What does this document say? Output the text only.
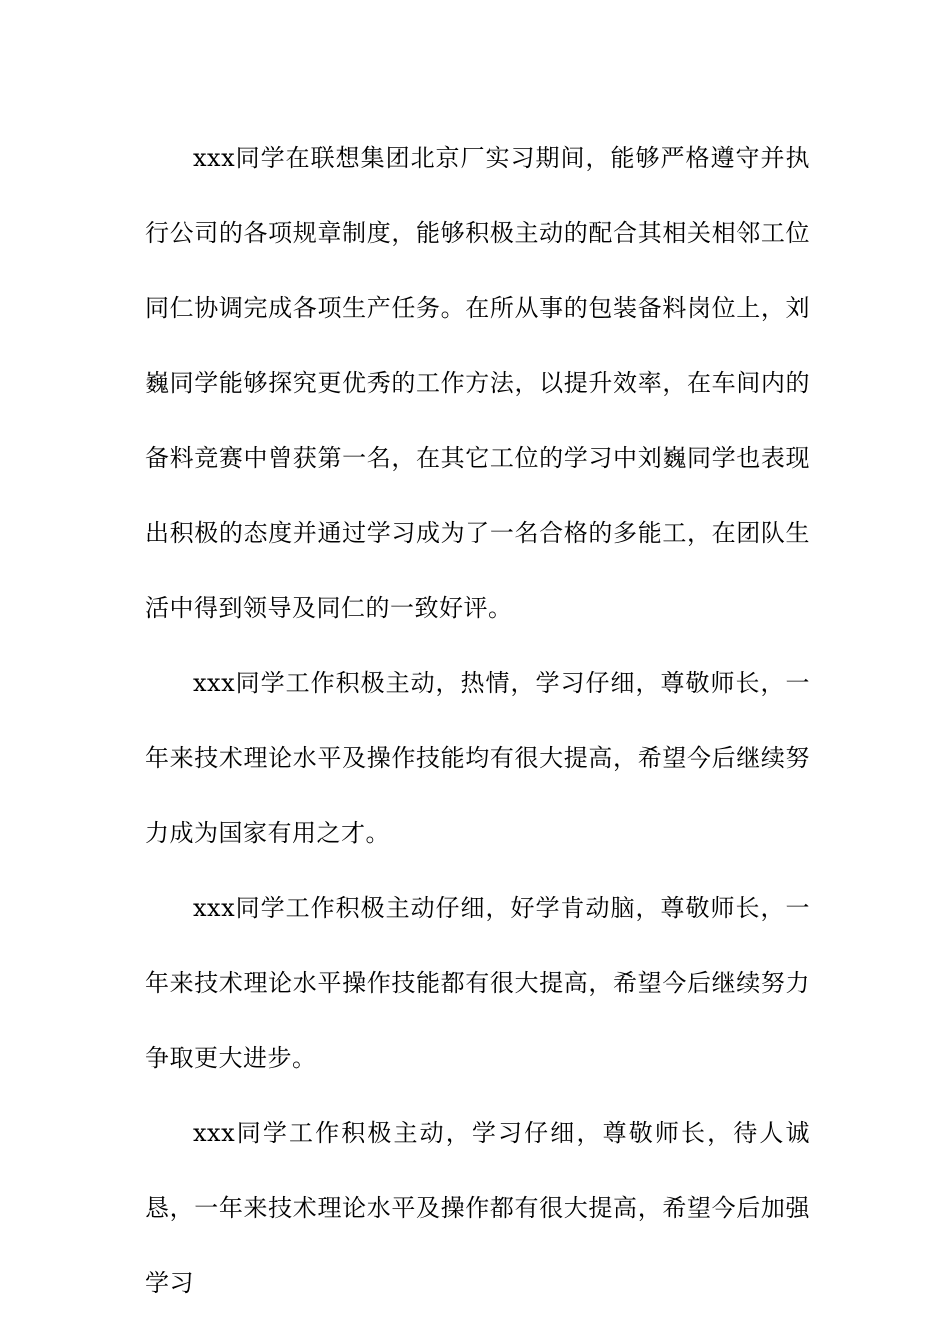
xxx同学在联想集团北京厂实习期间，能够严格遵守并执行公司的各项规章制度，能够积极主动的配合其相关相邻工位同仁协调完成各项生产任务。在所从事的包装备料岗位上，刘巍同学能够探究更优秀的工作方法，以提升效率，在车间内的备料竞赛中曾获第一名，在其它工位的学习中刘巍同学也表现出积极的态度并通过学习成为了一名合格的多能工，在团队生活中得到领导及同仁的一致好评。

xxx同学工作积极主动，热情，学习仔细，尊敬师长，一年来技术理论水平及操作技能均有很大提高，希望今后继续努力成为国家有用之才。

xxx同学工作积极主动仔细，好学肯动脑，尊敬师长，一年来技术理论水平操作技能都有很大提高，希望今后继续努力争取更大进步。

xxx同学工作积极主动，学习仔细，尊敬师长，待人诚恳，一年来技术理论水平及操作都有很大提高，希望今后加强学习
